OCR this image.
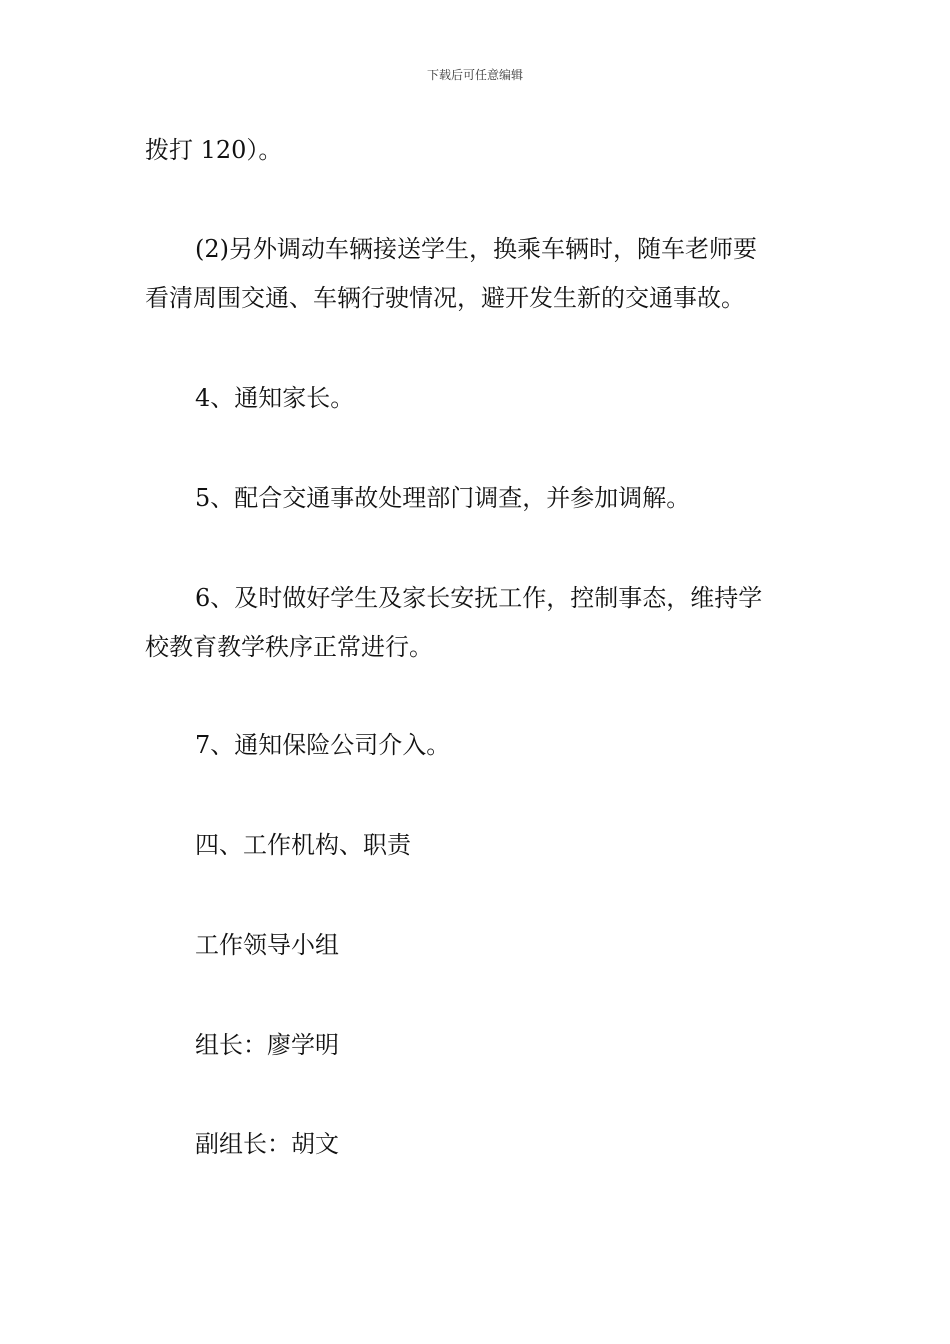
下载后可任意编辑

拨打 120）。

(2)另外调动车辆接送学生，换乘车辆时，随车老师要
看清周围交通、车辆行驶情况，避开发生新的交通事故。

4、通知家长。

5、配合交通事故处理部门调查，并参加调解。

6、及时做好学生及家长安抚工作，控制事态，维持学
校教育教学秩序正常进行。

7、通知保险公司介入。

四、工作机构、职责

工作领导小组

组长：廖学明

副组长：胡文
